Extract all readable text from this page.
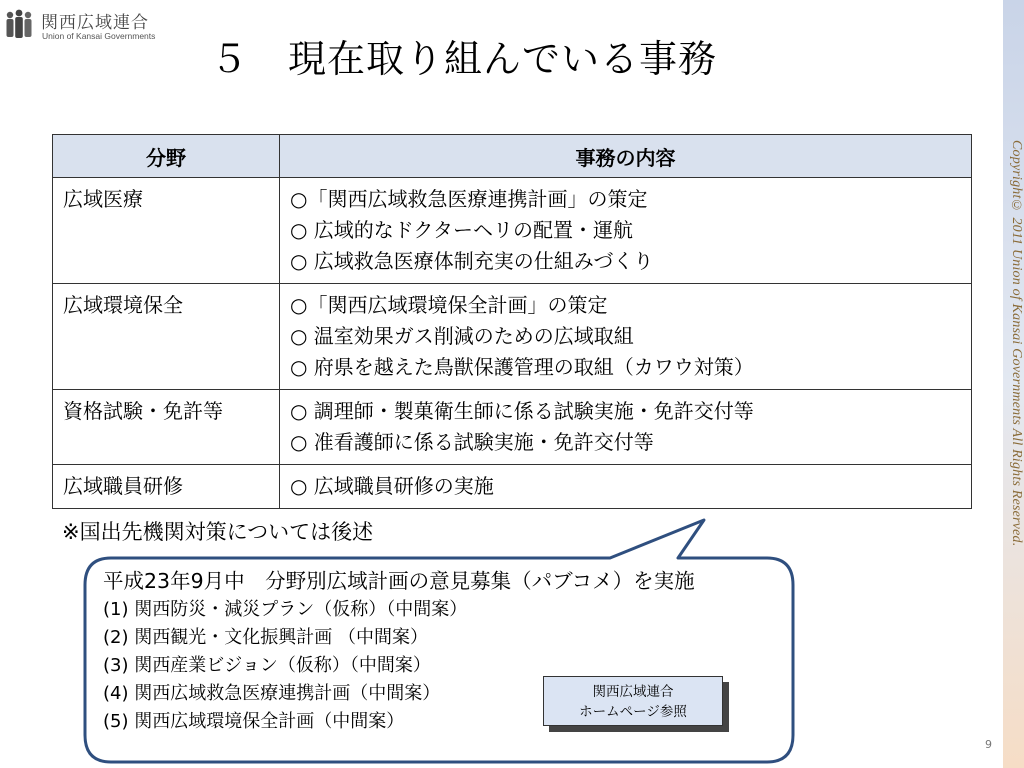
Copyright© 2011 Union of Kansai Governments All Rights Reserved.
関西広域連合
Union of Kansai Governments
５　現在取り組んでいる事務
分野	事務の内容
広域医療	○「関西広域救急医療連携計画」の策定
○ 広域的なドクターヘリの配置・運航
○ 広域救急医療体制充実の仕組みづくり

広域環境保全	○「関西広域環境保全計画」の策定
○ 温室効果ガス削減のための広域取組
○ 府県を越えた鳥獣保護管理の取組（カワウ対策）

資格試験・免許等	○ 調理師・製菓衛生師に係る試験実施・免許交付等
○ 准看護師に係る試験実施・免許交付等

広域職員研修	○ 広域職員研修の実施
※国出先機関対策については後述
平成23年9月中　分野別広域計画の意見募集（パブコメ）を実施
(1) 関西防災・減災プラン（仮称）（中間案）
(2) 関西観光・文化振興計画 （中間案）
(3) 関西産業ビジョン（仮称）（中間案）
(4) 関西広域救急医療連携計画（中間案）
(5) 関西広域環境保全計画（中間案）
関西広域連合
ホームページ参照
9
